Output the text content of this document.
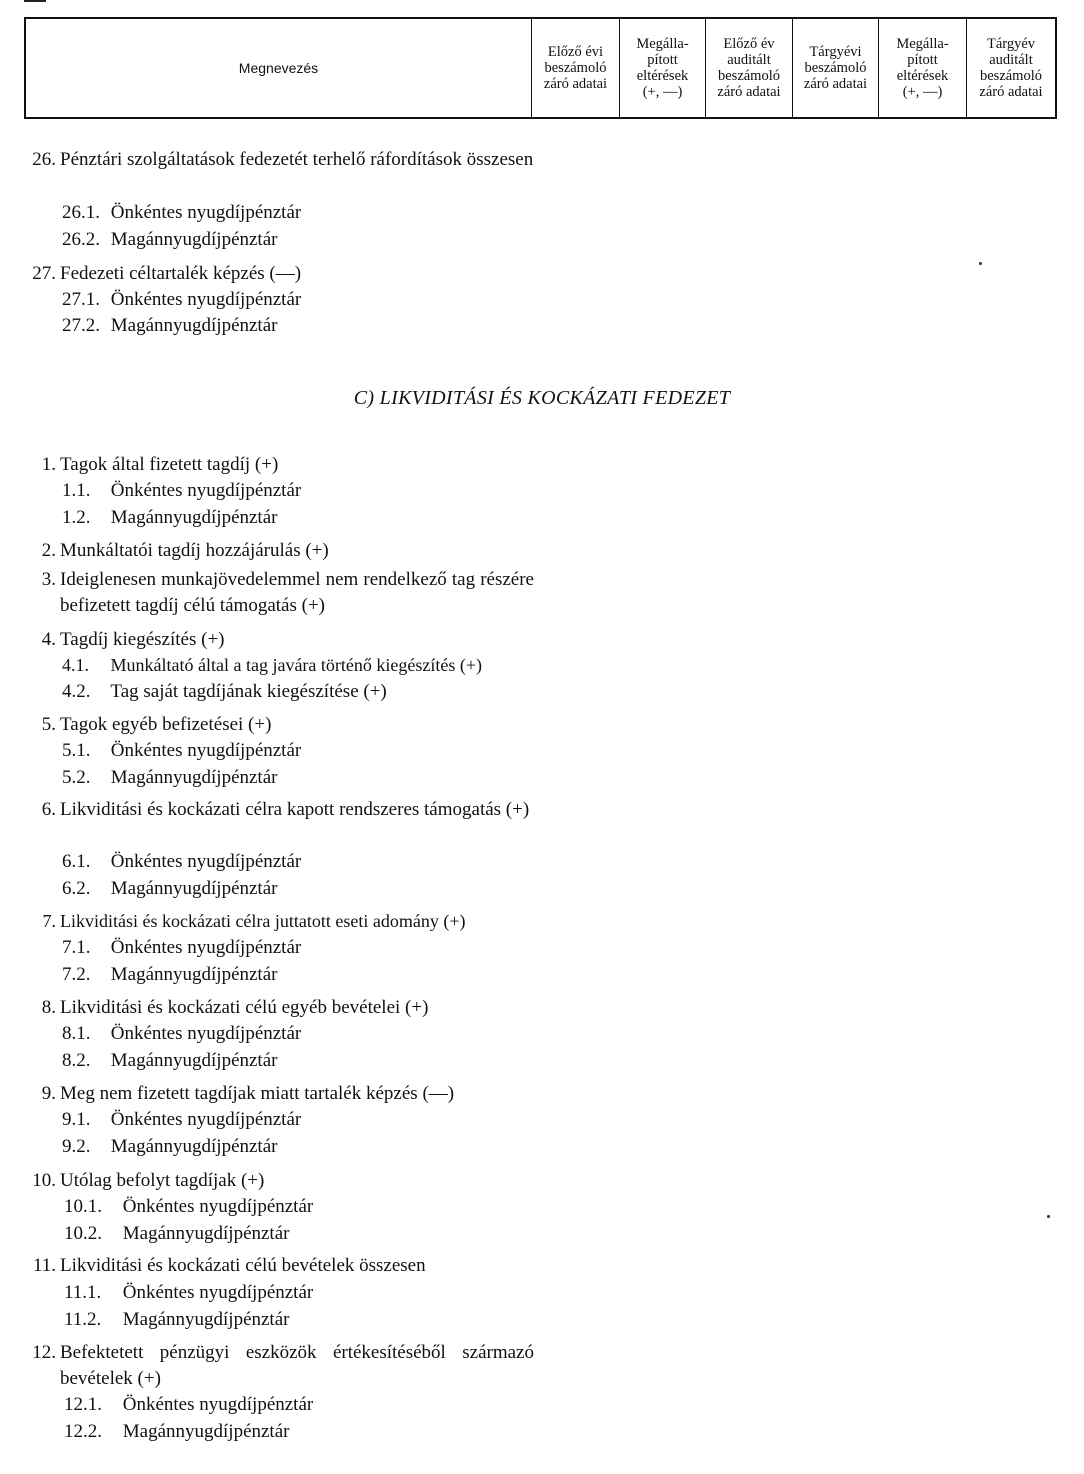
Megnevezés
Előző évi
beszámoló
záró adatai
Megálla-
pított
eltérések
(+, —)
Előző év
auditált
beszámoló
záró adatai
Tárgyévi
beszámoló
záró adatai
Megálla-
pított
eltérések
(+, —)
Tárgyév
auditált
beszámoló
záró adatai
26. Pénztári szolgáltatások fedezetét terhelő ráfordítások összesen
26.1. Önkéntes nyugdíjpénztár
26.2. Magánnyugdíjpénztár
27. Fedezeti céltartalék képzés (—)
27.1. Önkéntes nyugdíjpénztár
27.2. Magánnyugdíjpénztár
C) LIKVIDITÁSI ÉS KOCKÁZATI FEDEZET
1. Tagok által fizetett tagdíj (+)
1.1. Önkéntes nyugdíjpénztár
1.2. Magánnyugdíjpénztár
2. Munkáltatói tagdíj hozzájárulás (+)
3. Ideiglenesen munkajövedelemmel nem rendelkező tag részére befizetett tagdíj célú támogatás (+)
4. Tagdíj kiegészítés (+)
4.1. Munkáltató által a tag javára történő kiegészítés (+)
4.2. Tag saját tagdíjának kiegészítése (+)
5. Tagok egyéb befizetései (+)
5.1. Önkéntes nyugdíjpénztár
5.2. Magánnyugdíjpénztár
6. Likviditási és kockázati célra kapott rendszeres támogatás (+)
6.1. Önkéntes nyugdíjpénztár
6.2. Magánnyugdíjpénztár
7. Likviditási és kockázati célra juttatott eseti adomány (+)
7.1. Önkéntes nyugdíjpénztár
7.2. Magánnyugdíjpénztár
8. Likviditási és kockázati célú egyéb bevételei (+)
8.1. Önkéntes nyugdíjpénztár
8.2. Magánnyugdíjpénztár
9. Meg nem fizetett tagdíjak miatt tartalék képzés (—)
9.1. Önkéntes nyugdíjpénztár
9.2. Magánnyugdíjpénztár
10. Utólag befolyt tagdíjak (+)
10.1. Önkéntes nyugdíjpénztár
10.2. Magánnyugdíjpénztár
11. Likviditási és kockázati célú bevételek összesen
11.1. Önkéntes nyugdíjpénztár
11.2. Magánnyugdíjpénztár
12. Befektetett pénzügyi eszközök értékesítéséből származó bevételek (+)
12.1. Önkéntes nyugdíjpénztár
12.2. Magánnyugdíjpénztár
